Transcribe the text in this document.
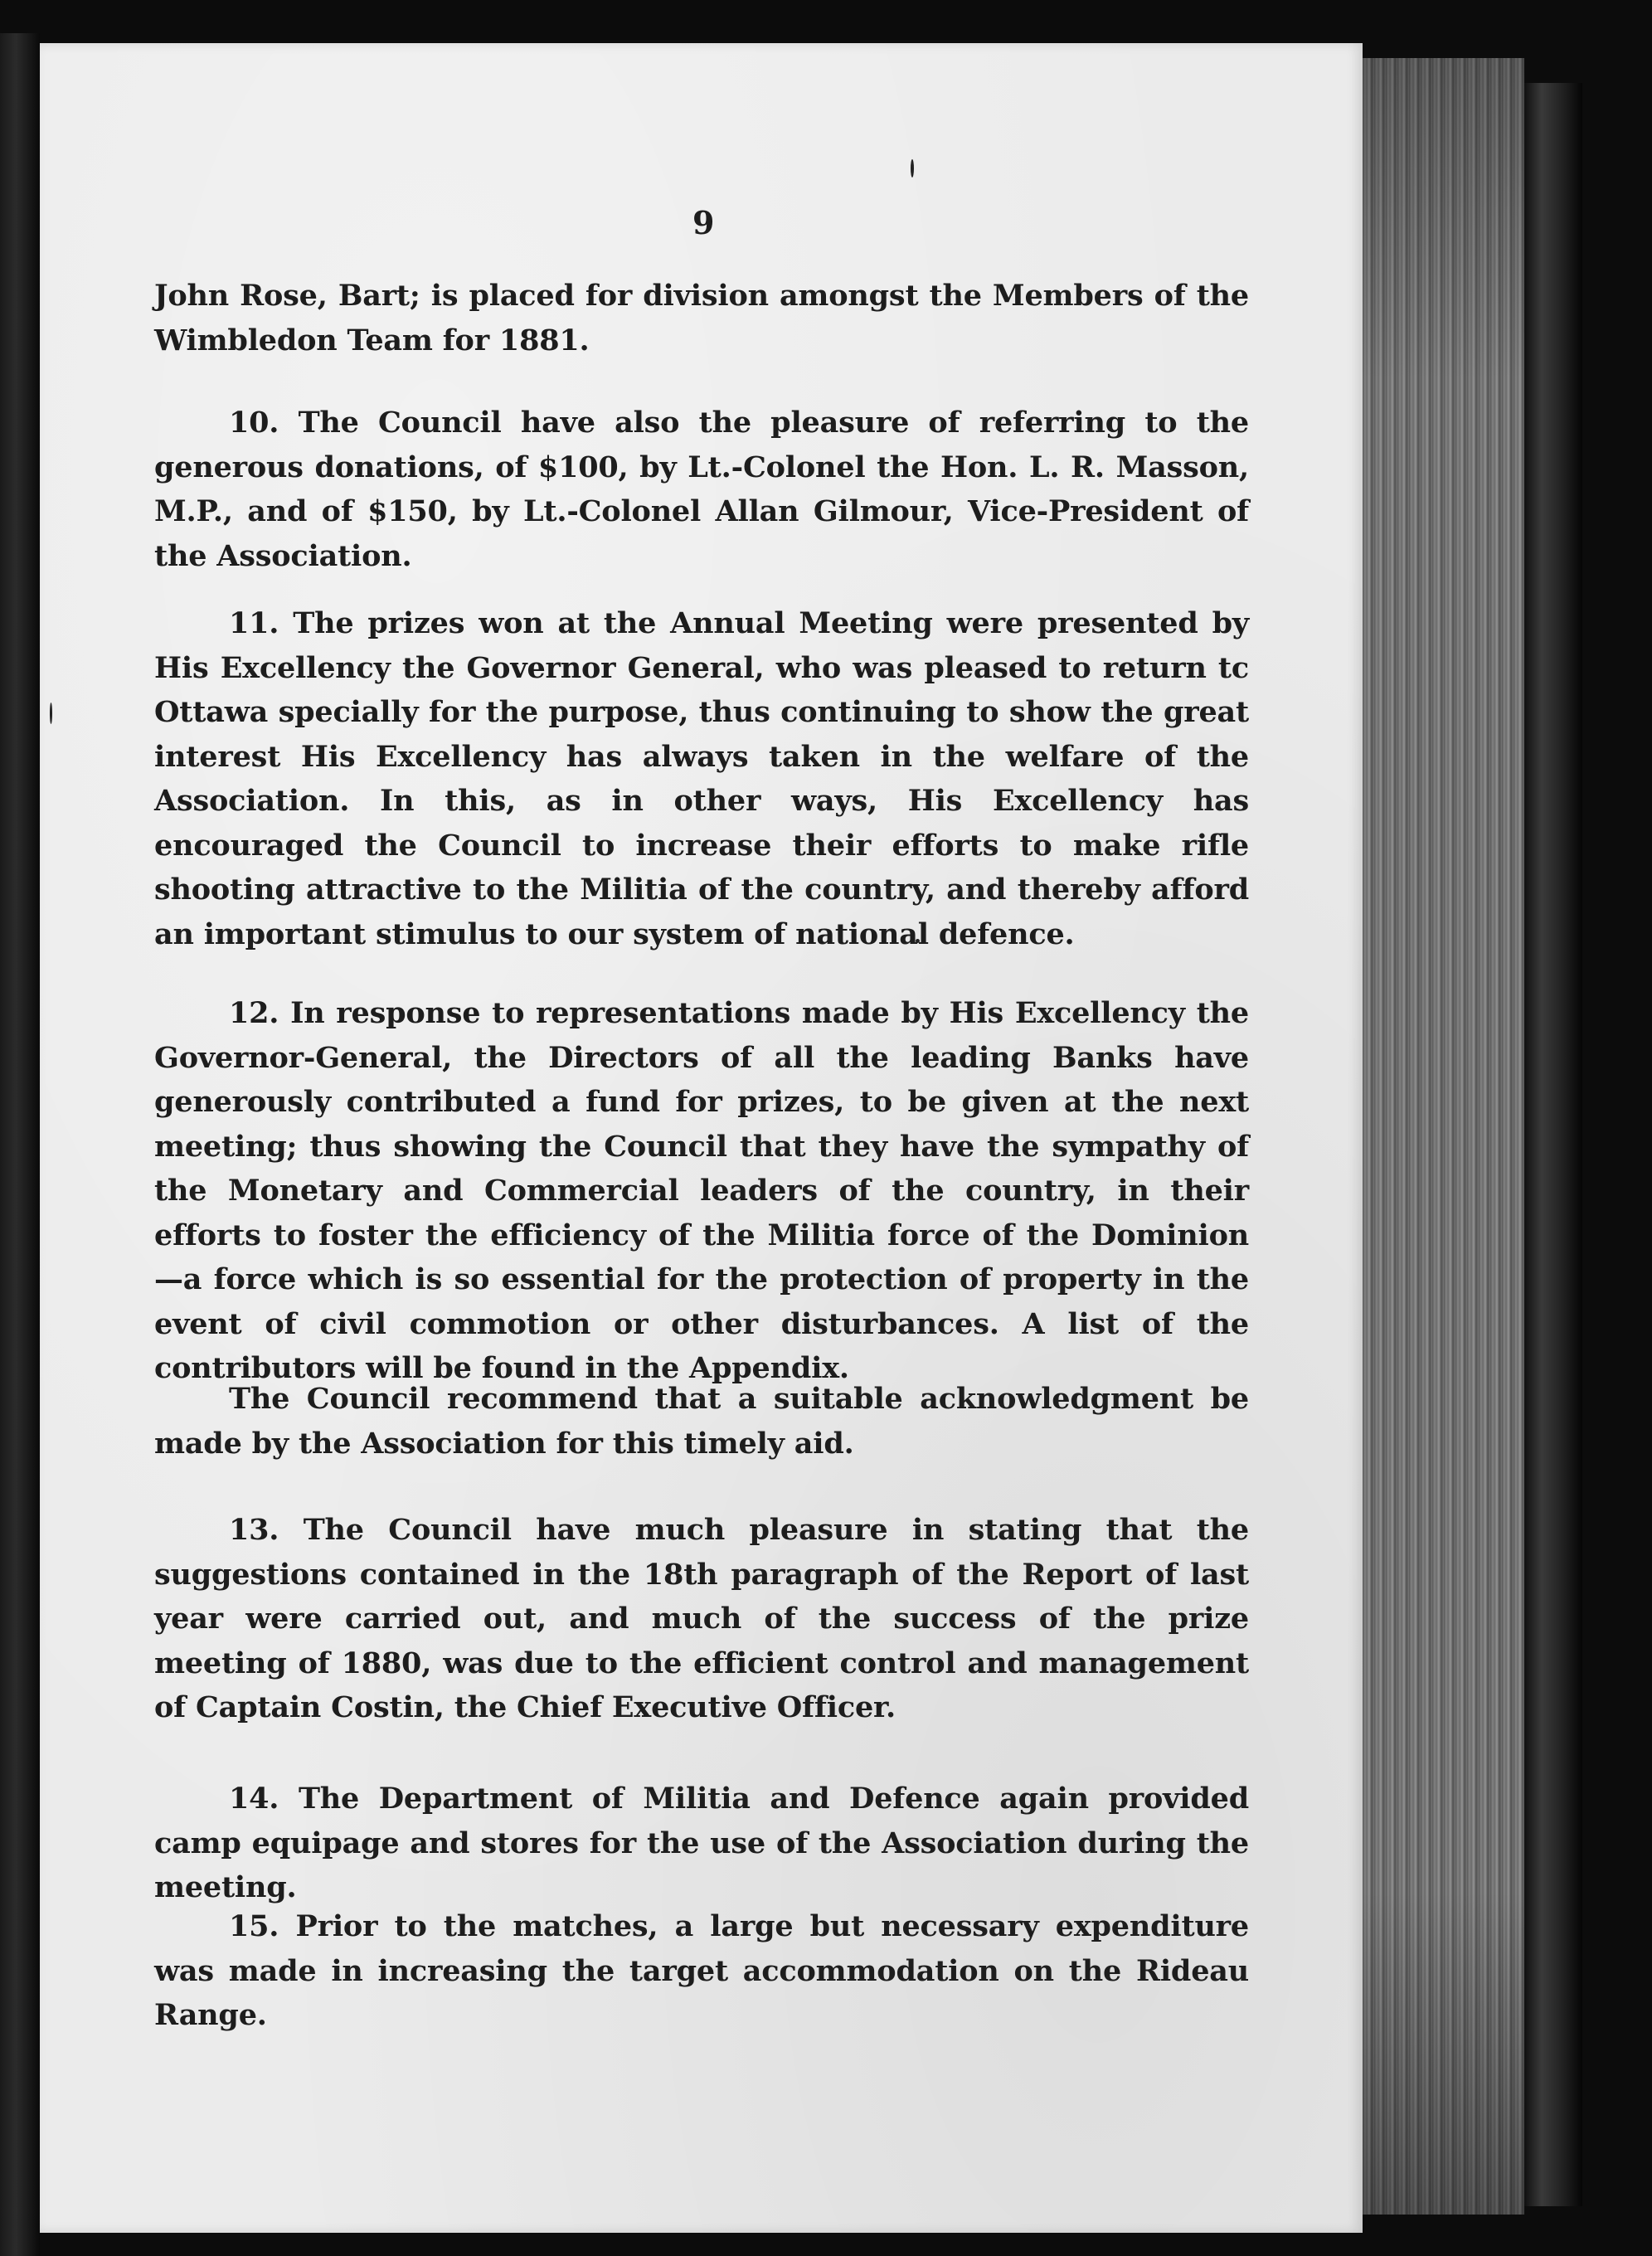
9

John Rose, Bart; is placed for division amongst the Members of the Wimbledon Team for 1881.

10. The Council have also the pleasure of referring to the generous donations, of $100, by Lt.-Colonel the Hon. L. R. Masson, M.P., and of $150, by Lt.-Colonel Allan Gilmour, Vice-President of the Association.

11. The prizes won at the Annual Meeting were presented by His Excellency the Governor General, who was pleased to return tc Ottawa specially for the purpose, thus continuing to show the great interest His Excellency has always taken in the welfare of the Association. In this, as in other ways, His Excellency has encouraged the Council to increase their efforts to make rifle shooting attractive to the Militia of the country, and thereby afford an important stimulus to our system of national defence.

12. In response to representations made by His Excellency the Governor-General, the Directors of all the leading Banks have generously contributed a fund for prizes, to be given at the next meeting; thus showing the Council that they have the sympathy of the Monetary and Commercial leaders of the country, in their efforts to foster the efficiency of the Militia force of the Dominion—a force which is so essential for the protection of property in the event of civil commotion or other disturbances. A list of the contributors will be found in the Appendix.

The Council recommend that a suitable acknowledgment be made by the Association for this timely aid.

13. The Council have much pleasure in stating that the suggestions contained in the 18th paragraph of the Report of last year were carried out, and much of the success of the prize meeting of 1880, was due to the efficient control and management of Captain Costin, the Chief Executive Officer.

14. The Department of Militia and Defence again provided camp equipage and stores for the use of the Association during the meeting.

15. Prior to the matches, a large but necessary expenditure was made in increasing the target accommodation on the Rideau Range.
